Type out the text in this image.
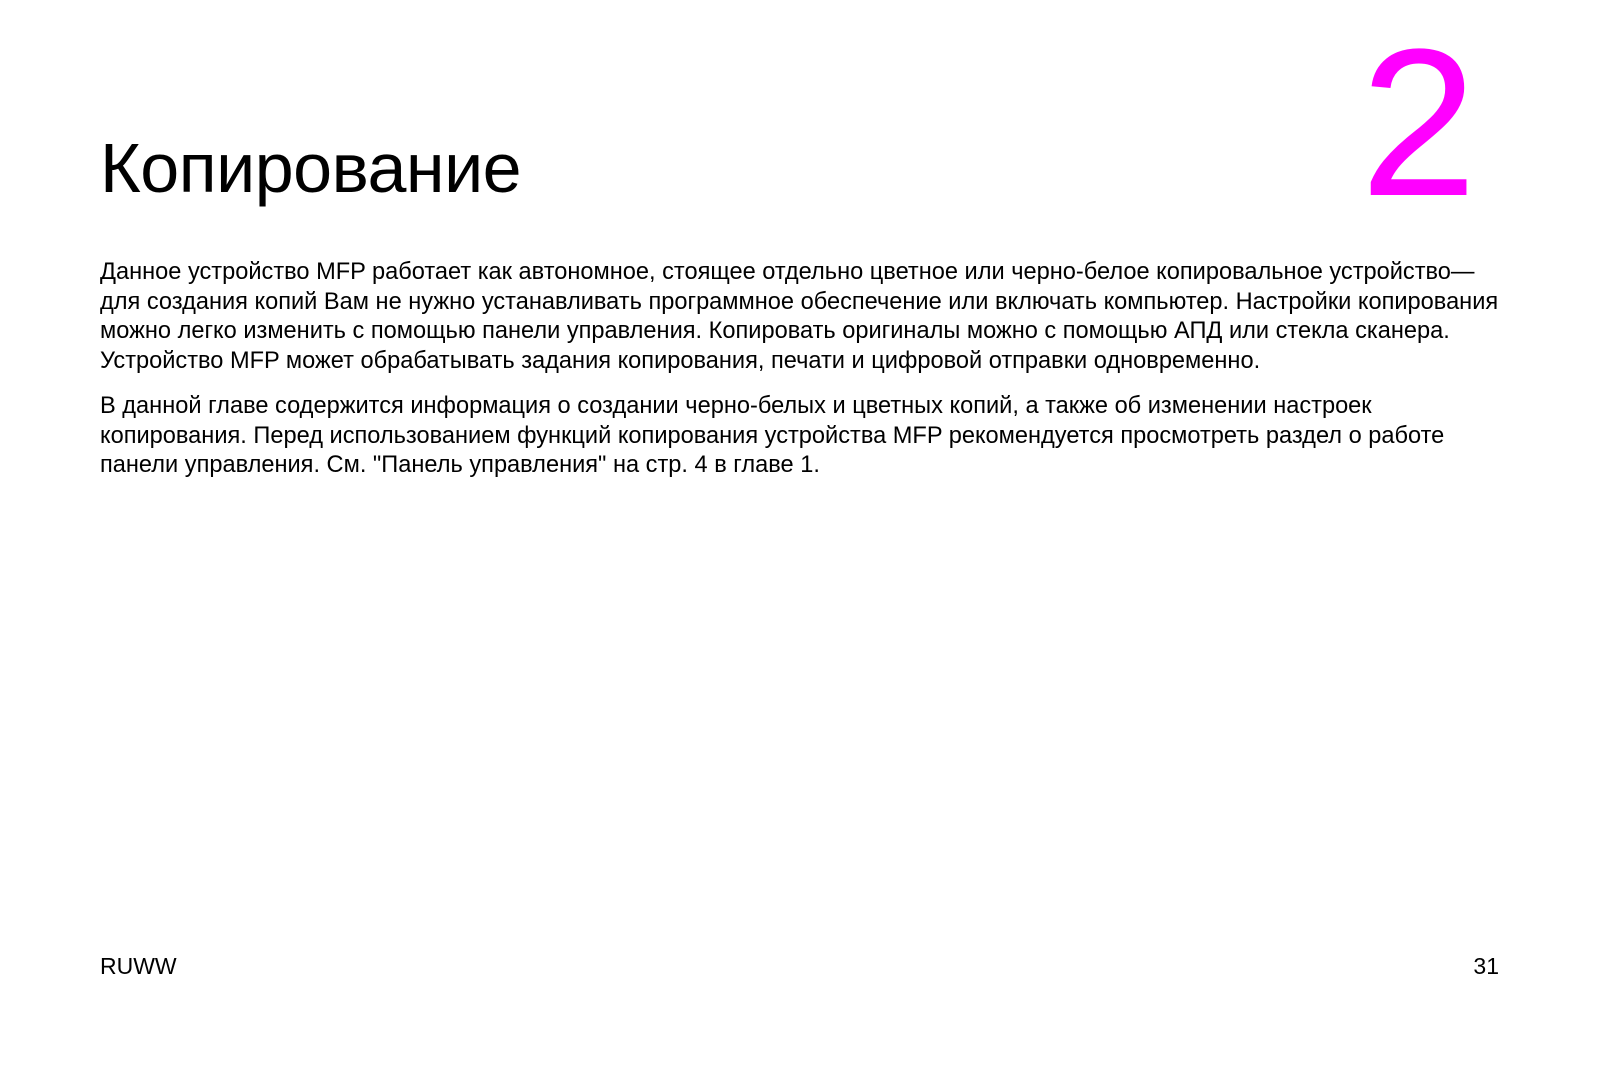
2
Копирование

Данное устройство MFP работает как автономное, стоящее отдельно цветное или черно-белое копировальное устройство—для создания копий Вам не нужно устанавливать программное обеспечение или включать компьютер. Настройки копирования можно легко изменить с помощью панели управления. Копировать оригиналы можно с помощью АПД или стекла сканера. Устройство MFP может обрабатывать задания копирования, печати и цифровой отправки одновременно.

В данной главе содержится информация о создании черно-белых и цветных копий, а также об изменении настроек копирования. Перед использованием функций копирования устройства MFP рекомендуется просмотреть раздел о работе панели управления. См. "Панель управления" на стр. 4 в главе 1.

RUWW	31
